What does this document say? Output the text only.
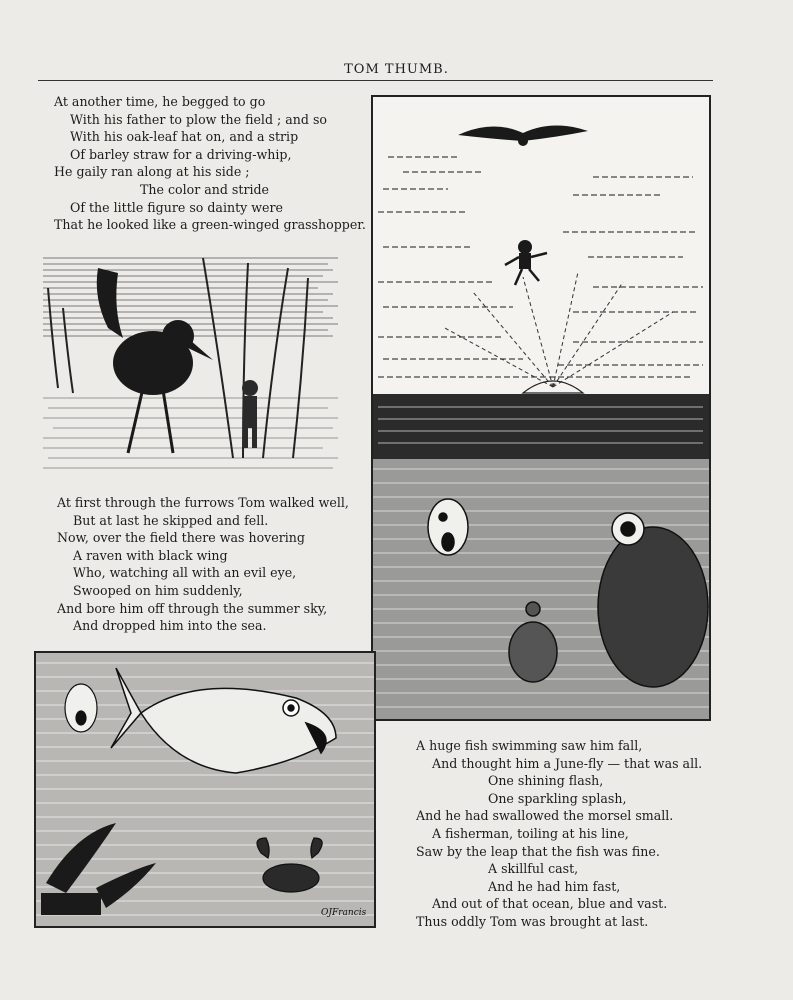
TOM THUMB.
At another time, he begged to go
With his father to plow the field ; and so
With his oak-leaf hat on, and a strip
Of barley straw for a driving-whip,
He gaily ran along at his side ;
The color and stride
Of the little figure so dainty were
That he looked like a green-winged grasshopper.
At first through the furrows Tom walked well,
But at last he skipped and fell.
Now, over the field there was hovering
A raven with black wing
Who, watching all with an evil eye,
Swooped on him suddenly,
And bore him off through the summer sky,
And dropped him into the sea.
OJFrancis
A huge fish swimming saw him fall,
And thought him a June-fly — that was all.
One shining flash,
One sparkling splash,
And he had swallowed the morsel small.
A fisherman, toiling at his line,
Saw by the leap that the fish was fine.
A skillful cast,
And he had him fast,
And out of that ocean, blue and vast.
Thus oddly Tom was brought at last.
